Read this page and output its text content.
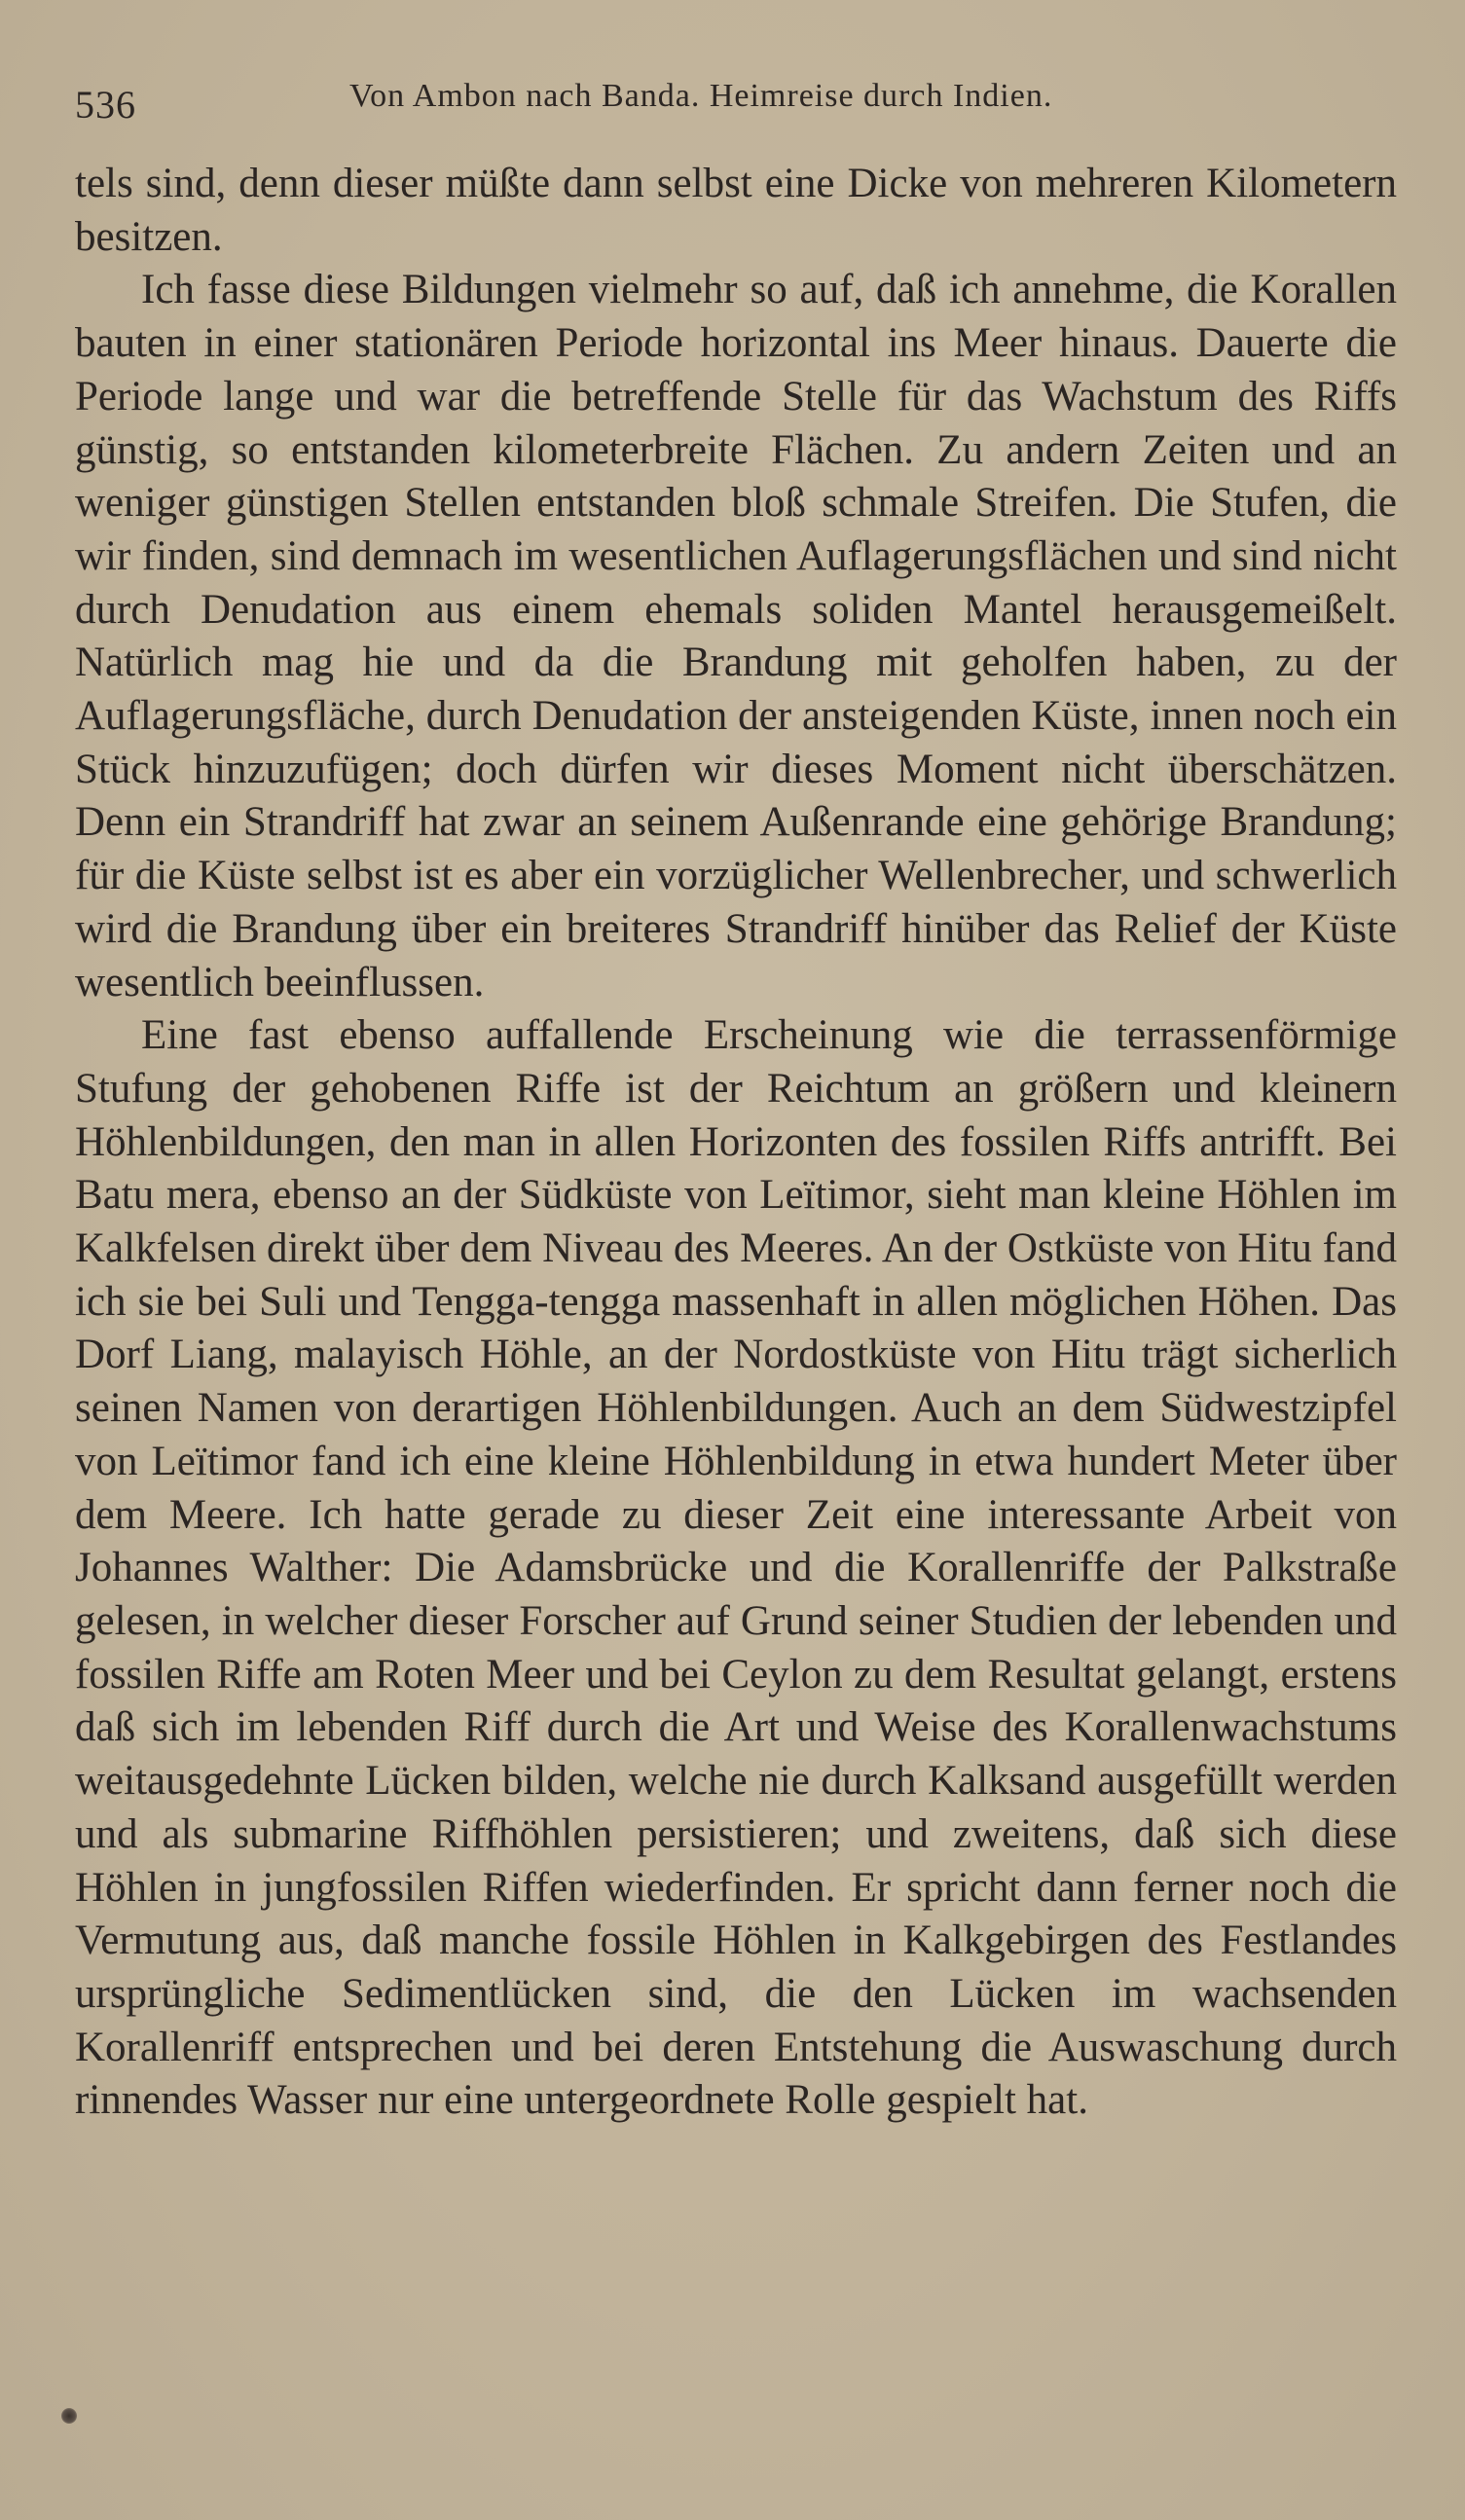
536	Von Ambon nach Banda. Heimreise durch Indien.

tels sind, denn dieser müßte dann selbst eine Dicke von mehreren Kilometern besitzen.

Ich fasse diese Bildungen vielmehr so auf, daß ich annehme, die Korallen bauten in einer stationären Periode horizontal ins Meer hinaus. Dauerte die Periode lange und war die betreffende Stelle für das Wachstum des Riffs günstig, so entstanden kilometerbreite Flächen. Zu andern Zeiten und an weniger günstigen Stellen entstanden bloß schmale Streifen. Die Stufen, die wir finden, sind demnach im wesentlichen Auflagerungsflächen und sind nicht durch Denudation aus einem ehemals soliden Mantel herausgemeißelt. Natürlich mag hie und da die Brandung mit geholfen haben, zu der Auflagerungsfläche, durch Denudation der ansteigenden Küste, innen noch ein Stück hinzuzufügen; doch dürfen wir dieses Moment nicht überschätzen. Denn ein Strandriff hat zwar an seinem Außenrande eine gehörige Brandung; für die Küste selbst ist es aber ein vorzüglicher Wellenbrecher, und schwerlich wird die Brandung über ein breiteres Strandriff hinüber das Relief der Küste wesentlich beeinflussen.

Eine fast ebenso auffallende Erscheinung wie die terrassenförmige Stufung der gehobenen Riffe ist der Reichtum an größern und kleinern Höhlenbildungen, den man in allen Horizonten des fossilen Riffs antrifft. Bei Batu mera, ebenso an der Südküste von Leïtimor, sieht man kleine Höhlen im Kalkfelsen direkt über dem Niveau des Meeres. An der Ostküste von Hitu fand ich sie bei Suli und Tengga-tengga massenhaft in allen möglichen Höhen. Das Dorf Liang, malayisch Höhle, an der Nordostküste von Hitu trägt sicherlich seinen Namen von derartigen Höhlenbildungen. Auch an dem Südwestzipfel von Leïtimor fand ich eine kleine Höhlenbildung in etwa hundert Meter über dem Meere. Ich hatte gerade zu dieser Zeit eine interessante Arbeit von Johannes Walther: Die Adamsbrücke und die Korallenriffe der Palkstraße gelesen, in welcher dieser Forscher auf Grund seiner Studien der lebenden und fossilen Riffe am Roten Meer und bei Ceylon zu dem Resultat gelangt, erstens daß sich im lebenden Riff durch die Art und Weise des Korallenwachstums weitausgedehnte Lücken bilden, welche nie durch Kalksand ausgefüllt werden und als submarine Riffhöhlen persistieren; und zweitens, daß sich diese Höhlen in jungfossilen Riffen wiederfinden. Er spricht dann ferner noch die Vermutung aus, daß manche fossile Höhlen in Kalkgebirgen des Festlandes ursprüngliche Sedimentlücken sind, die den Lücken im wachsenden Korallenriff entsprechen und bei deren Entstehung die Auswaschung durch rinnendes Wasser nur eine untergeordnete Rolle gespielt hat.
